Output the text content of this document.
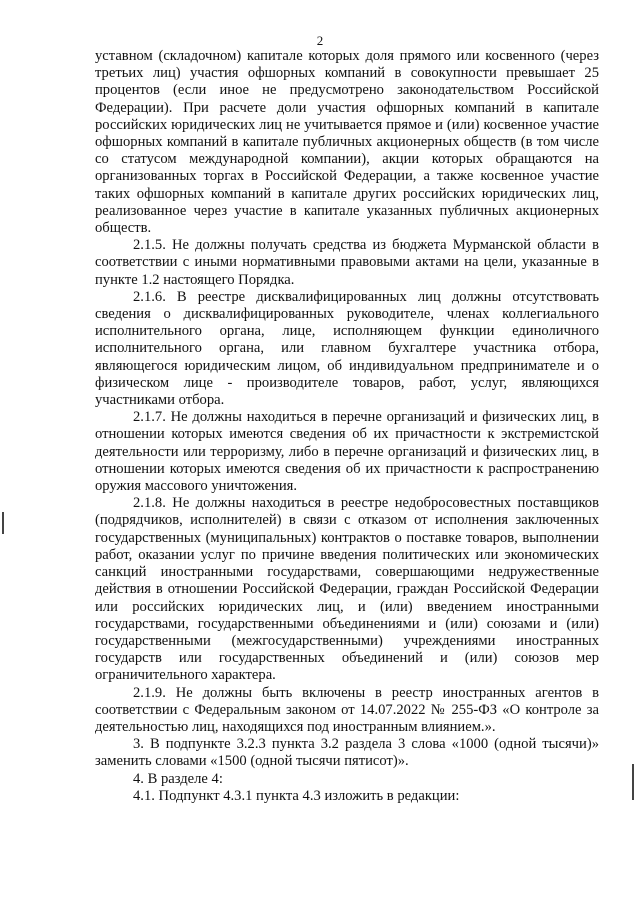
2

уставном (складочном) капитале которых доля прямого или косвенного (через третьих лиц) участия офшорных компаний в совокупности превышает 25 процентов (если иное не предусмотрено законодательством Российской Федерации). При расчете доли участия офшорных компаний в капитале российских юридических лиц не учитывается прямое и (или) косвенное участие офшорных компаний в капитале публичных акционерных обществ (в том числе со статусом международной компании), акции которых обращаются на организованных торгах в Российской Федерации, а также косвенное участие таких офшорных компаний в капитале других российских юридических лиц, реализованное через участие в капитале указанных публичных акционерных обществ.

2.1.5. Не должны получать средства из бюджета Мурманской области в соответствии с иными нормативными правовыми актами на цели, указанные в пункте 1.2 настоящего Порядка.

2.1.6. В реестре дисквалифицированных лиц должны отсутствовать сведения о дисквалифицированных руководителе, членах коллегиального исполнительного органа, лице, исполняющем функции единоличного исполнительного органа, или главном бухгалтере участника отбора, являющегося юридическим лицом, об индивидуальном предпринимателе и о физическом лице - производителе товаров, работ, услуг, являющихся участниками отбора.

2.1.7. Не должны находиться в перечне организаций и физических лиц, в отношении которых имеются сведения об их причастности к экстремистской деятельности или терроризму, либо в перечне организаций и физических лиц, в отношении которых имеются сведения об их причастности к распространению оружия массового уничтожения.

2.1.8. Не должны находиться в реестре недобросовестных поставщиков (подрядчиков, исполнителей) в связи с отказом от исполнения заключенных государственных (муниципальных) контрактов о поставке товаров, выполнении работ, оказании услуг по причине введения политических или экономических санкций иностранными государствами, совершающими недружественные действия в отношении Российской Федерации, граждан Российской Федерации или российских юридических лиц, и (или) введением иностранными государствами, государственными объединениями и (или) союзами и (или) государственными (межгосударственными) учреждениями иностранных государств или государственных объединений и (или) союзов мер ограничительного характера.

2.1.9. Не должны быть включены в реестр иностранных агентов в соответствии с Федеральным законом от 14.07.2022 № 255-ФЗ «О контроле за деятельностью лиц, находящихся под иностранным влиянием.».

3. В подпункте 3.2.3 пункта 3.2 раздела 3 слова «1000 (одной тысячи)» заменить словами «1500 (одной тысячи пятисот)».

4. В разделе 4:

4.1. Подпункт 4.3.1 пункта 4.3 изложить в редакции:
